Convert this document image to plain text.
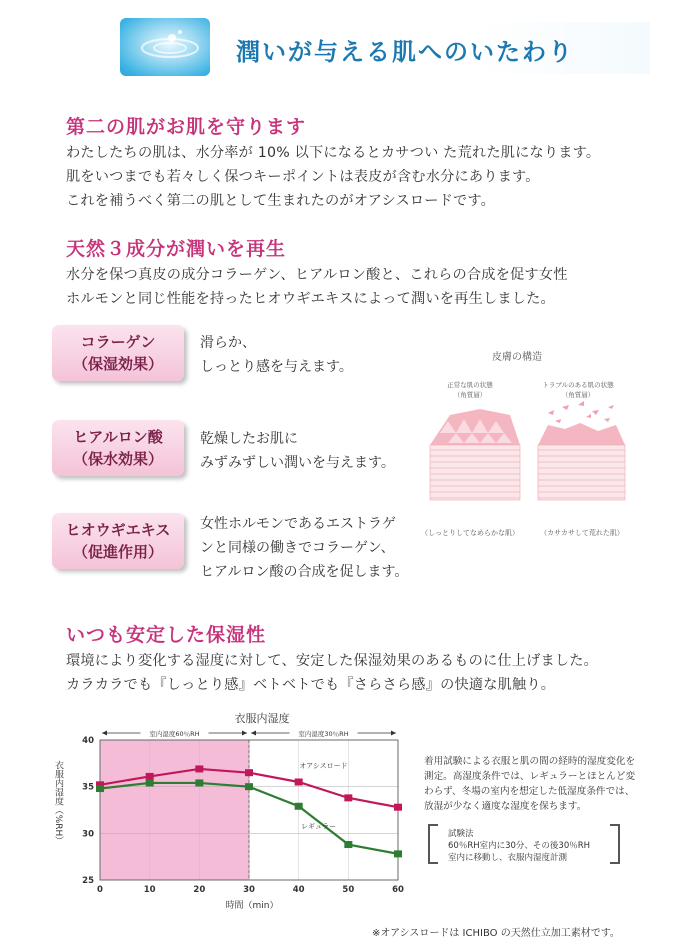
潤いが与える肌へのいたわり
第二の肌がお肌を守ります
わたしたちの肌は、水分率が 10% 以下になるとカサつい た荒れた肌になります。
肌をいつまでも若々しく保つキーポイントは表皮が含む水分にあります。
これを補うべく第二の肌として生まれたのがオアシスロードです。
天然３成分が潤いを再生
水分を保つ真皮の成分コラーゲン、ヒアルロン酸と、これらの合成を促す女性
ホルモンと同じ性能を持ったヒオウギエキスによって潤いを再生しました。
コラーゲン
（保湿効果）
滑らか、
しっとり感を与えます。
ヒアルロン酸
（保水効果）
乾燥したお肌に
みずみずしい潤いを与えます。
ヒオウギエキス
（促進作用）
女性ホルモンであるエストラゲ
ンと同様の働きでコラーゲン、
ヒアルロン酸の合成を促します。
皮膚の構造
正常な肌の状態
（角質層）
トラブルのある肌の状態
（角質層）
（しっとりしてなめらかな肌）	（カサカサして荒れた肌）
いつも安定した保湿性
環境により変化する湿度に対して、安定した保湿効果のあるものに仕上げました。
カラカラでも『しっとり感』ベトベトでも『さらさら感』の快適な肌触り。
衣服内湿度
衣服内湿度（%RH）
時間（min）
室内湿度60％RH	室内湿度30％RH
25
30
35
40
0	10	20	30	40	50	60
オアシスロード
レギュラー
着用試験による衣服と肌の間の経時的湿度変化を測定。高湿度条件では、レギュラーとほとんど変わらず、冬場の室内を想定した低湿度条件では、放湿が少なく適度な湿度を保ちます。
試験法
60％RH室内に30分、その後30％RH
室内に移動し、衣服内湿度計測
※オアシスロードは ICHIBO の天然仕立加工素材です。
